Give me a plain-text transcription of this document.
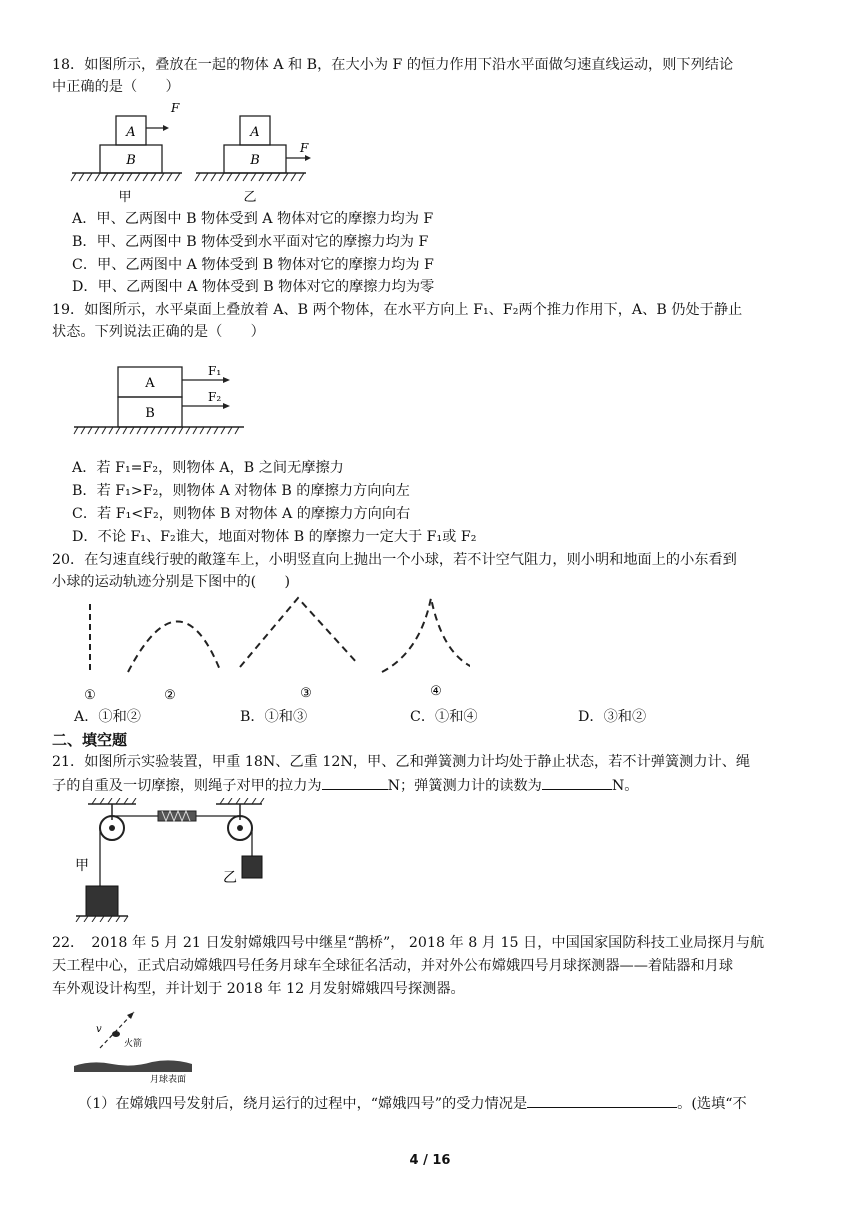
18．如图所示，叠放在一起的物体 A 和 B，在大小为 F 的恒力作用下沿水平面做匀速直线运动，则下列结论
中正确的是（　　）
A
B
F
甲
A
B
F
乙
A．甲、乙两图中 B 物体受到 A 物体对它的摩擦力均为 F
B．甲、乙两图中 B 物体受到水平面对它的摩擦力均为 F
C．甲、乙两图中 A 物体受到 B 物体对它的摩擦力均为 F
D．甲、乙两图中 A 物体受到 B 物体对它的摩擦力均为零
19．如图所示，水平桌面上叠放着 A、B 两个物体，在水平方向上 F₁、F₂两个推力作用下，A、B 仍处于静止
状态。下列说法正确的是（　　）
A
B
F₁
F₂
A．若 F₁=F₂，则物体 A，B 之间无摩擦力
B．若 F₁>F₂，则物体 A 对物体 B 的摩擦力方向向左
C．若 F₁<F₂，则物体 B 对物体 A 的摩擦力方向向右
D．不论 F₁、F₂谁大，地面对物体 B 的摩擦力一定大于 F₁或 F₂
20．在匀速直线行驶的敞篷车上，小明竖直向上抛出一个小球，若不计空气阻力，则小明和地面上的小东看到
小球的运动轨迹分别是下图中的(　　)
①	②	③	④
A．①和②	B．①和③	C．①和④	D．③和②
二、填空题
21．如图所示实验装置，甲重 18N、乙重 12N，甲、乙和弹簧测力计均处于静止状态，若不计弹簧测力计、绳
子的自重及一切摩擦，则绳子对甲的拉力为	N；弹簧测力计的读数为	N。
甲
乙
22．　2018 年 5 月 21 日发射嫦娥四号中继星“鹊桥”， 2018 年 8 月 15 日，中国国家国防科技工业局探月与航
天工程中心，正式启动嫦娥四号任务月球车全球征名活动，并对外公布嫦娥四号月球探测器——着陆器和月球
车外观设计构型，并计划于 2018 年 12 月发射嫦娥四号探测器。
v
火箭
月球表面
（1）在嫦娥四号发射后，绕月运行的过程中，“嫦娥四号”的受力情况是	。(选填“不
4 / 16
